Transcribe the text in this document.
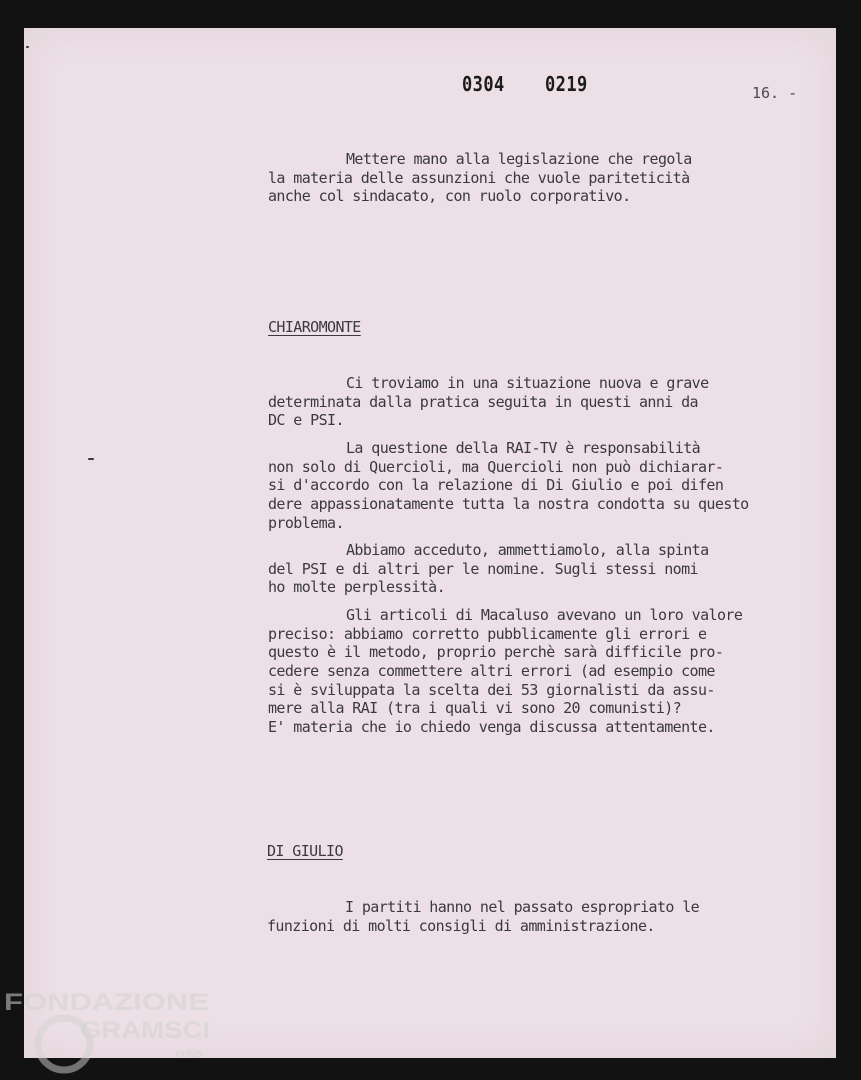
0304 0219	16. -
Mettere mano alla legislazione che regola
la materia delle assunzioni che vuole pariteticità
anche col sindacato, con ruolo corporativo.
CHIAROMONTE
Ci troviamo in una situazione nuova e grave
determinata dalla pratica seguita in questi anni da
DC e PSI.
La questione della RAI-TV è responsabilità
non solo di Quercioli, ma Quercioli non può dichiarar-
si d'accordo con la relazione di Di Giulio e poi difen
dere appassionatamente tutta la nostra condotta su questo
problema.
Abbiamo acceduto, ammettiamolo, alla spinta
del PSI e di altri per le nomine. Sugli stessi nomi
ho molte perplessità.
Gli articoli di Macaluso avevano un loro valore
preciso: abbiamo corretto pubblicamente gli errori e
questo è il metodo, proprio perchè sarà difficile pro-
cedere senza commettere altri errori (ad esempio come
si è sviluppata la scelta dei 53 giornalisti da assu-
mere alla RAI (tra i quali vi sono 20 comunisti)?
E' materia che io chiedo venga discussa attentamente.
DI GIULIO
I partiti hanno nel passato espropriato le
funzioni di molti consigli di amministrazione.
FONDAZIONE
GRAMSCI
onlus
